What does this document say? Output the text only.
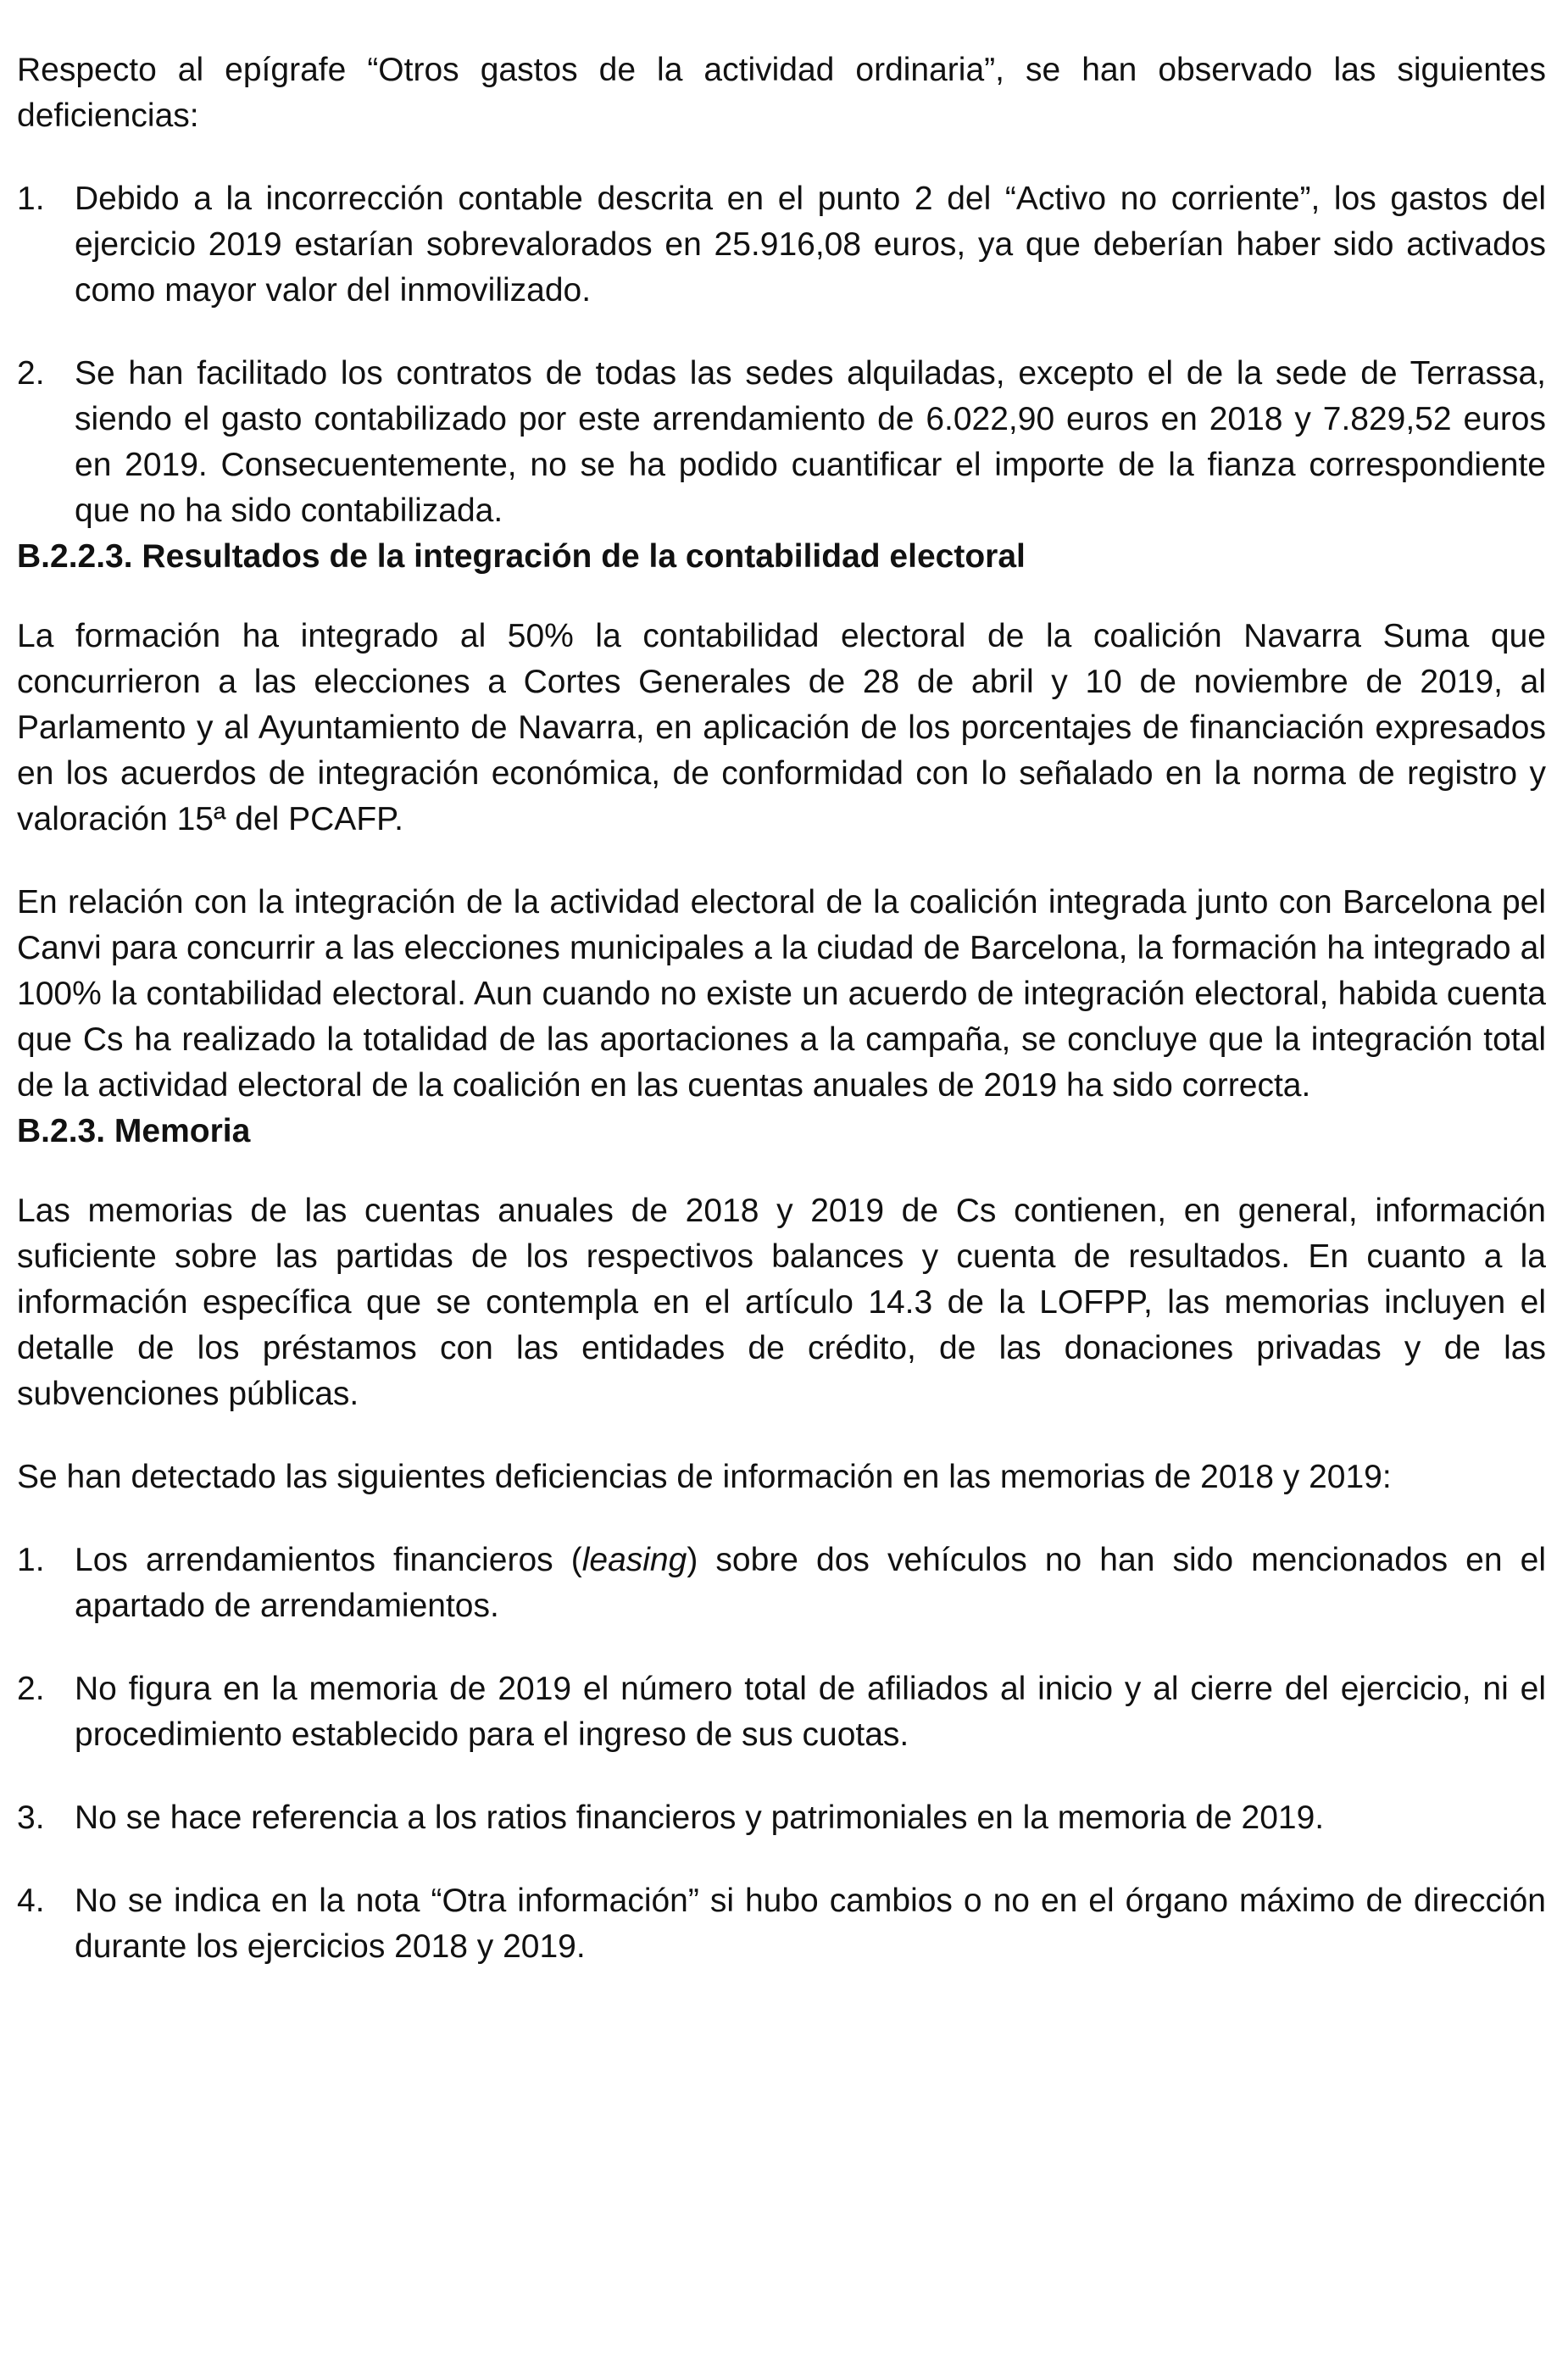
Respecto al epígrafe “Otros gastos de la actividad ordinaria”, se han observado las siguientes deficiencias:

1. Debido a la incorrección contable descrita en el punto 2 del “Activo no corriente”, los gastos del ejercicio 2019 estarían sobrevalorados en 25.916,08 euros, ya que deberían haber sido activados como mayor valor del inmovilizado.
2. Se han facilitado los contratos de todas las sedes alquiladas, excepto el de la sede de Terrassa, siendo el gasto contabilizado por este arrendamiento de 6.022,90 euros en 2018 y 7.829,52 euros en 2019. Consecuentemente, no se ha podido cuantificar el importe de la fianza correspondiente que no ha sido contabilizada.

B.2.2.3. Resultados de la integración de la contabilidad electoral

La formación ha integrado al 50% la contabilidad electoral de la coalición Navarra Suma que concurrieron a las elecciones a Cortes Generales de 28 de abril y 10 de noviembre de 2019, al Parlamento y al Ayuntamiento de Navarra, en aplicación de los porcentajes de financiación expresados en los acuerdos de integración económica, de conformidad con lo señalado en la norma de registro y valoración 15ª del PCAFP.

En relación con la integración de la actividad electoral de la coalición integrada junto con Barcelona pel Canvi para concurrir a las elecciones municipales a la ciudad de Barcelona, la formación ha integrado al 100% la contabilidad electoral. Aun cuando no existe un acuerdo de integración electoral, habida cuenta que Cs ha realizado la totalidad de las aportaciones a la campaña, se concluye que la integración total de la actividad electoral de la coalición en las cuentas anuales de 2019 ha sido correcta.

B.2.3. Memoria

Las memorias de las cuentas anuales de 2018 y 2019 de Cs contienen, en general, información suficiente sobre las partidas de los respectivos balances y cuenta de resultados. En cuanto a la información específica que se contempla en el artículo 14.3 de la LOFPP, las memorias incluyen el detalle de los préstamos con las entidades de crédito, de las donaciones privadas y de las subvenciones públicas.

Se han detectado las siguientes deficiencias de información en las memorias de 2018 y 2019:

1. Los arrendamientos financieros (leasing) sobre dos vehículos no han sido mencionados en el apartado de arrendamientos.
2. No figura en la memoria de 2019 el número total de afiliados al inicio y al cierre del ejercicio, ni el procedimiento establecido para el ingreso de sus cuotas.
3. No se hace referencia a los ratios financieros y patrimoniales en la memoria de 2019.
4. No se indica en la nota “Otra información” si hubo cambios o no en el órgano máximo de dirección durante los ejercicios 2018 y 2019.
